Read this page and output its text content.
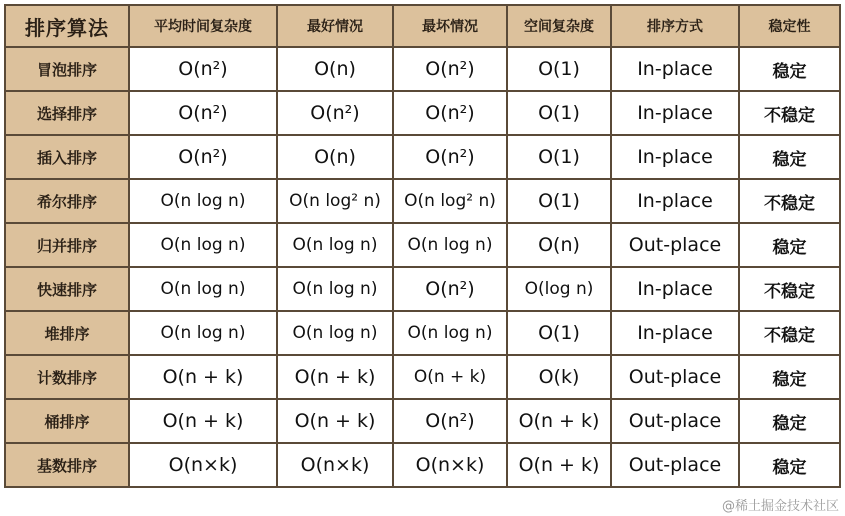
排序算法	平均时间复杂度	最好情况	最坏情况	空间复杂度	排序方式	稳定性
冒泡排序	O(n²)	O(n)	O(n²)	O(1)	In-place	稳定
选择排序	O(n²)	O(n²)	O(n²)	O(1)	In-place	不稳定
插入排序	O(n²)	O(n)	O(n²)	O(1)	In-place	稳定
希尔排序	O(n log n)	O(n log² n)	O(n log² n)	O(1)	In-place	不稳定
归并排序	O(n log n)	O(n log n)	O(n log n)	O(n)	Out-place	稳定
快速排序	O(n log n)	O(n log n)	O(n²)	O(log n)	In-place	不稳定
堆排序	O(n log n)	O(n log n)	O(n log n)	O(1)	In-place	不稳定
计数排序	O(n + k)	O(n + k)	O(n + k)	O(k)	Out-place	稳定
桶排序	O(n + k)	O(n + k)	O(n²)	O(n + k)	Out-place	稳定
基数排序	O(n×k)	O(n×k)	O(n×k)	O(n + k)	Out-place	稳定
@稀土掘金技术社区
